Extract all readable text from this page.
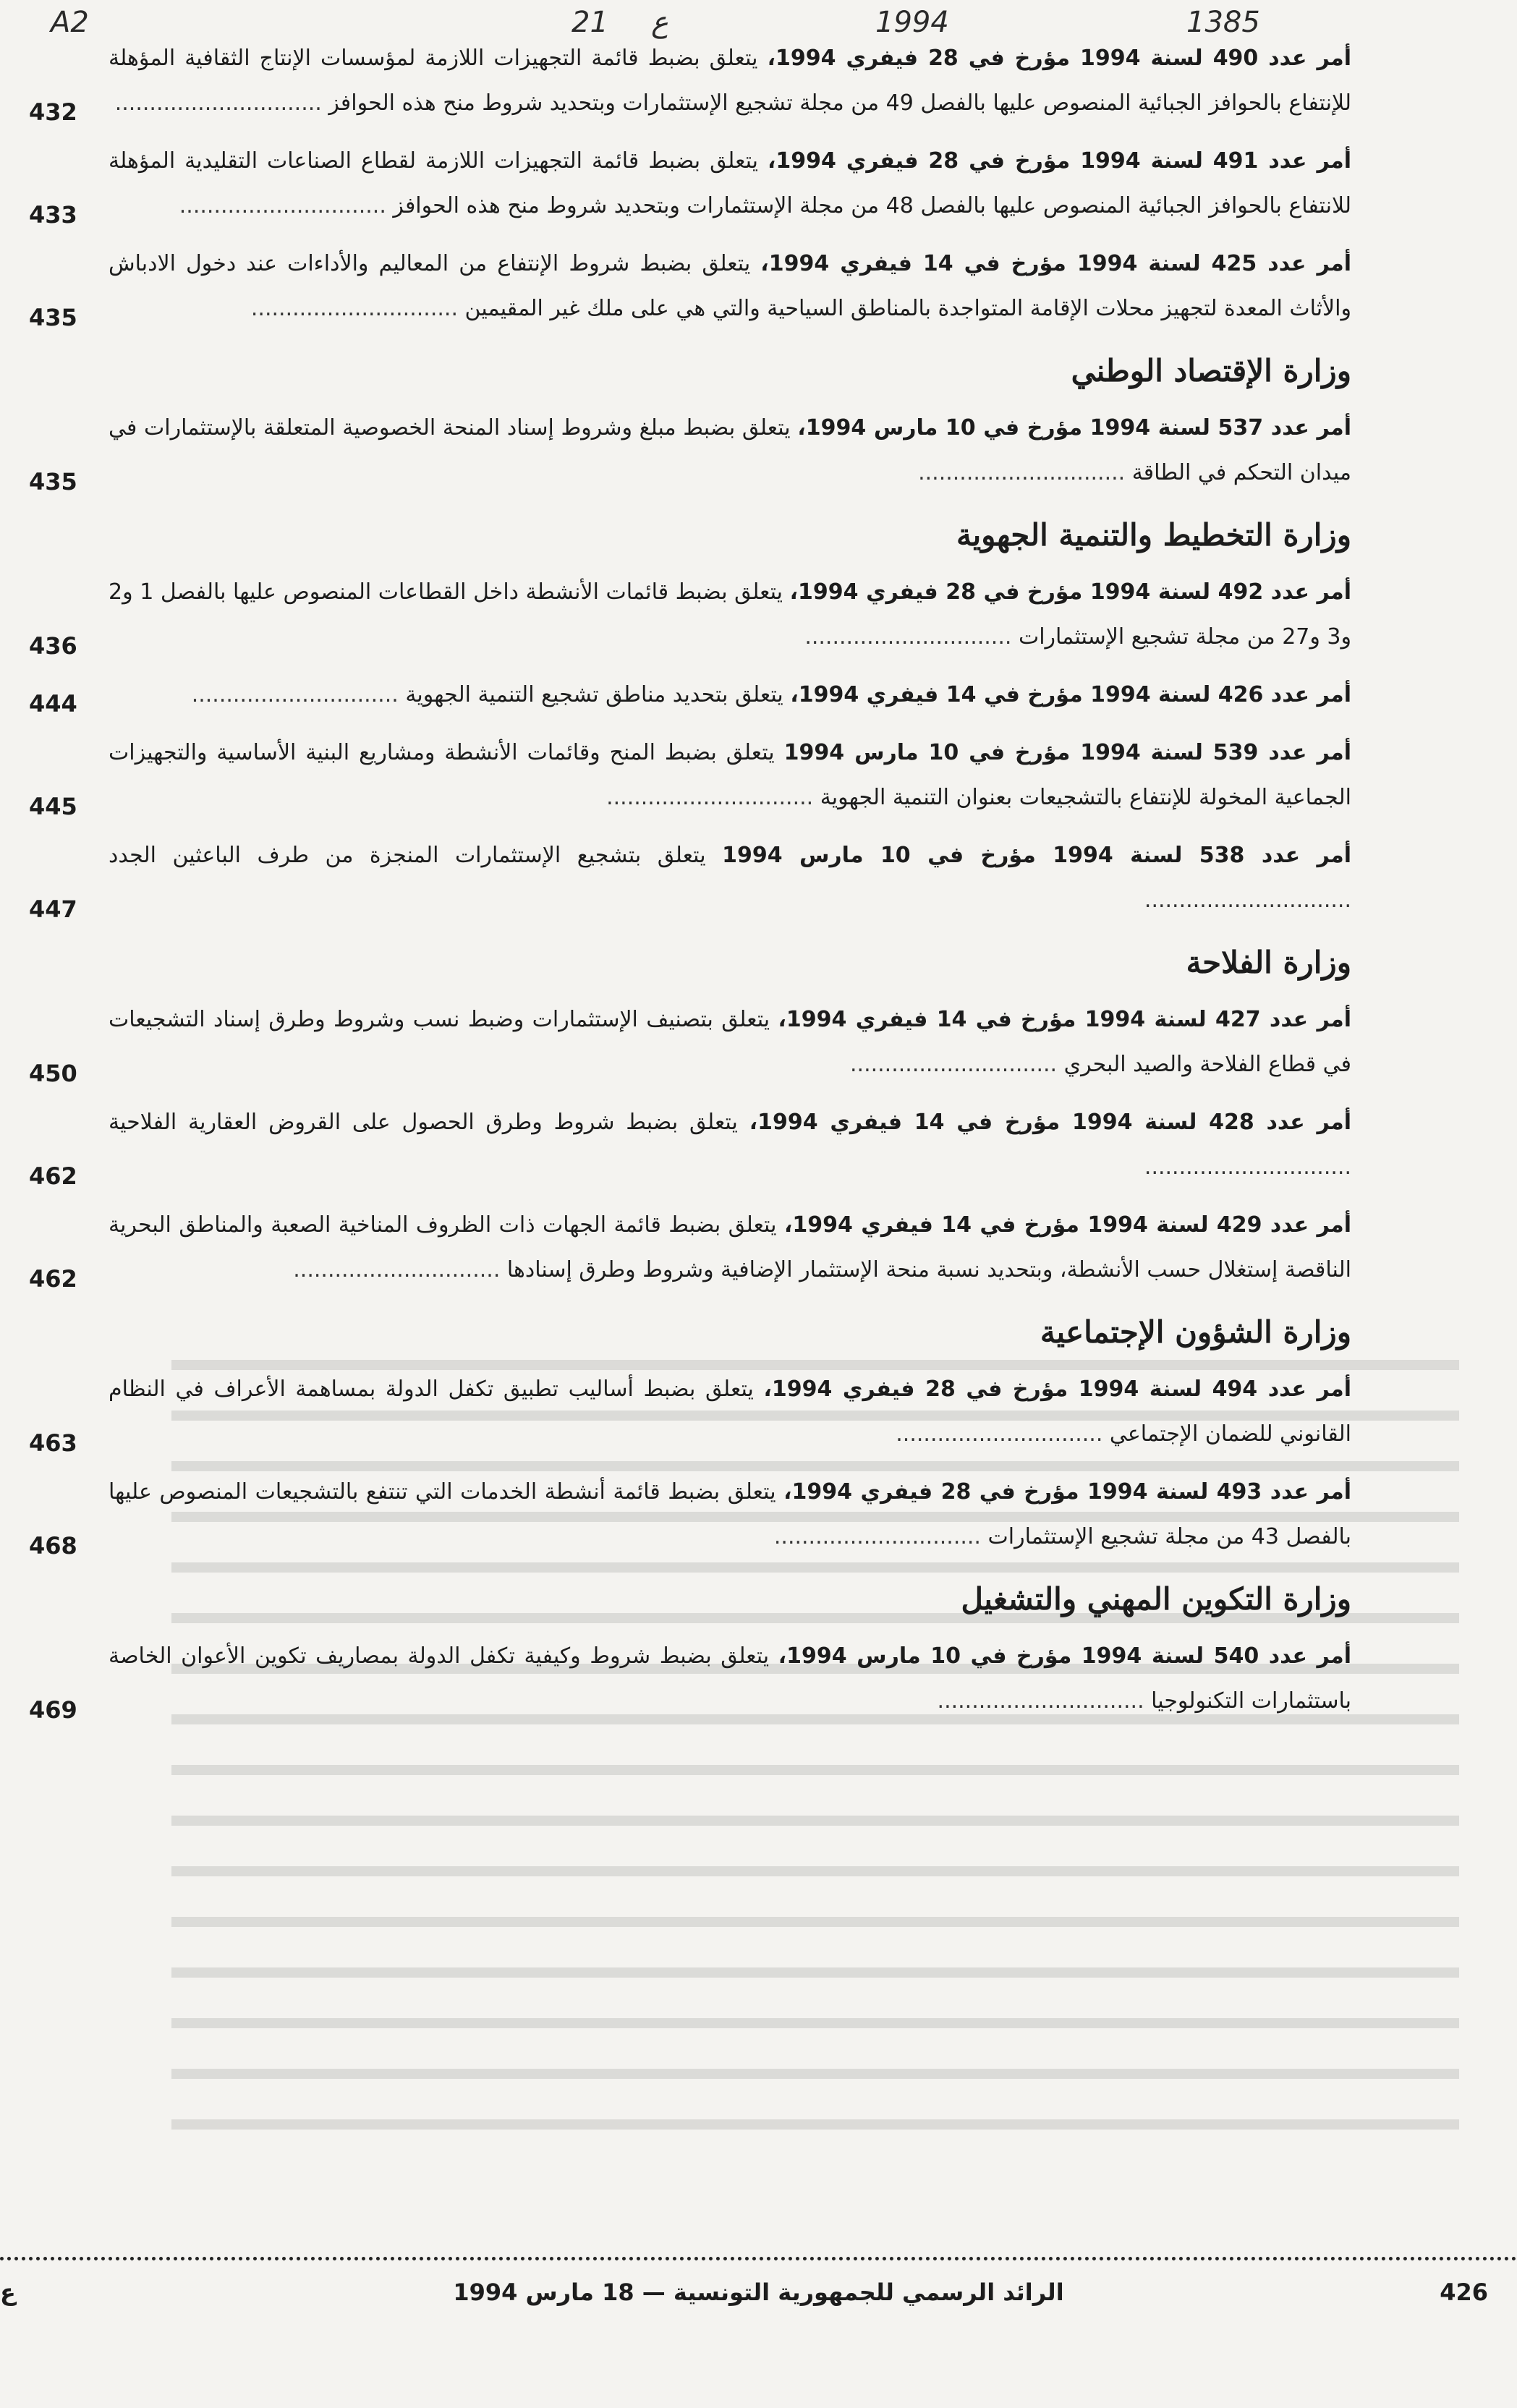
A2	21 ع	1994	1385
أمر عدد 490 لسنة 1994 مؤرخ في 28 فيفري 1994، يتعلق بضبط قائمة التجهيزات اللازمة لمؤسسات الإنتاج الثقافية المؤهلة للإنتفاع بالحوافز الجبائية المنصوص عليها بالفصل 49 من مجلة تشجيع الإستثمارات وبتحديد شروط منح هذه الحوافز ..............................
432
أمر عدد 491 لسنة 1994 مؤرخ في 28 فيفري 1994، يتعلق بضبط قائمة التجهيزات اللازمة لقطاع الصناعات التقليدية المؤهلة للانتفاع بالحوافز الجبائية المنصوص عليها بالفصل 48 من مجلة الإستثمارات وبتحديد شروط منح هذه الحوافز ..............................
433
أمر عدد 425 لسنة 1994 مؤرخ في 14 فيفري 1994، يتعلق بضبط شروط الإنتفاع من المعاليم والأداءات عند دخول الادباش والأثاث المعدة لتجهيز محلات الإقامة المتواجدة بالمناطق السياحية والتي هي على ملك غير المقيمين ..............................
435
وزارة الإقتصاد الوطني
أمر عدد 537 لسنة 1994 مؤرخ في 10 مارس 1994، يتعلق بضبط مبلغ وشروط إسناد المنحة الخصوصية المتعلقة بالإستثمارات في ميدان التحكم في الطاقة ..............................
435
وزارة التخطيط والتنمية الجهوية
أمر عدد 492 لسنة 1994 مؤرخ في 28 فيفري 1994، يتعلق بضبط قائمات الأنشطة داخل القطاعات المنصوص عليها بالفصل 1 و2 و3 و27 من مجلة تشجيع الإستثمارات ..............................
436
أمر عدد 426 لسنة 1994 مؤرخ في 14 فيفري 1994، يتعلق بتحديد مناطق تشجيع التنمية الجهوية ..............................
444
أمر عدد 539 لسنة 1994 مؤرخ في 10 مارس 1994 يتعلق بضبط المنح وقائمات الأنشطة ومشاريع البنية الأساسية والتجهيزات الجماعية المخولة للإنتفاع بالتشجيعات بعنوان التنمية الجهوية ..............................
445
أمر عدد 538 لسنة 1994 مؤرخ في 10 مارس 1994 يتعلق بتشجيع الإستثمارات المنجزة من طرف الباعثين الجدد ..............................
447
وزارة الفلاحة
أمر عدد 427 لسنة 1994 مؤرخ في 14 فيفري 1994، يتعلق بتصنيف الإستثمارات وضبط نسب وشروط وطرق إسناد التشجيعات في قطاع الفلاحة والصيد البحري ..............................
450
أمر عدد 428 لسنة 1994 مؤرخ في 14 فيفري 1994، يتعلق بضبط شروط وطرق الحصول على القروض العقارية الفلاحية ..............................
462
أمر عدد 429 لسنة 1994 مؤرخ في 14 فيفري 1994، يتعلق بضبط قائمة الجهات ذات الظروف المناخية الصعبة والمناطق البحرية الناقصة إستغلال حسب الأنشطة، وبتحديد نسبة منحة الإستثمار الإضافية وشروط وطرق إسنادها ..............................
462
وزارة الشؤون الإجتماعية
أمر عدد 494 لسنة 1994 مؤرخ في 28 فيفري 1994، يتعلق بضبط أساليب تطبيق تكفل الدولة بمساهمة الأعراف في النظام القانوني للضمان الإجتماعي ..............................
463
أمر عدد 493 لسنة 1994 مؤرخ في 28 فيفري 1994، يتعلق بضبط قائمة أنشطة الخدمات التي تنتفع بالتشجيعات المنصوص عليها بالفصل 43 من مجلة تشجيع الإستثمارات ..............................
468
وزارة التكوين المهني والتشغيل
أمر عدد 540 لسنة 1994 مؤرخ في 10 مارس 1994، يتعلق بضبط شروط وكيفية تكفل الدولة بمصاريف تكوين الأعوان الخاصة باستثمارات التكنولوجيا ..............................
469
426
الرائد الرسمي للجمهورية التونسية — 18 مارس 1994
ع
